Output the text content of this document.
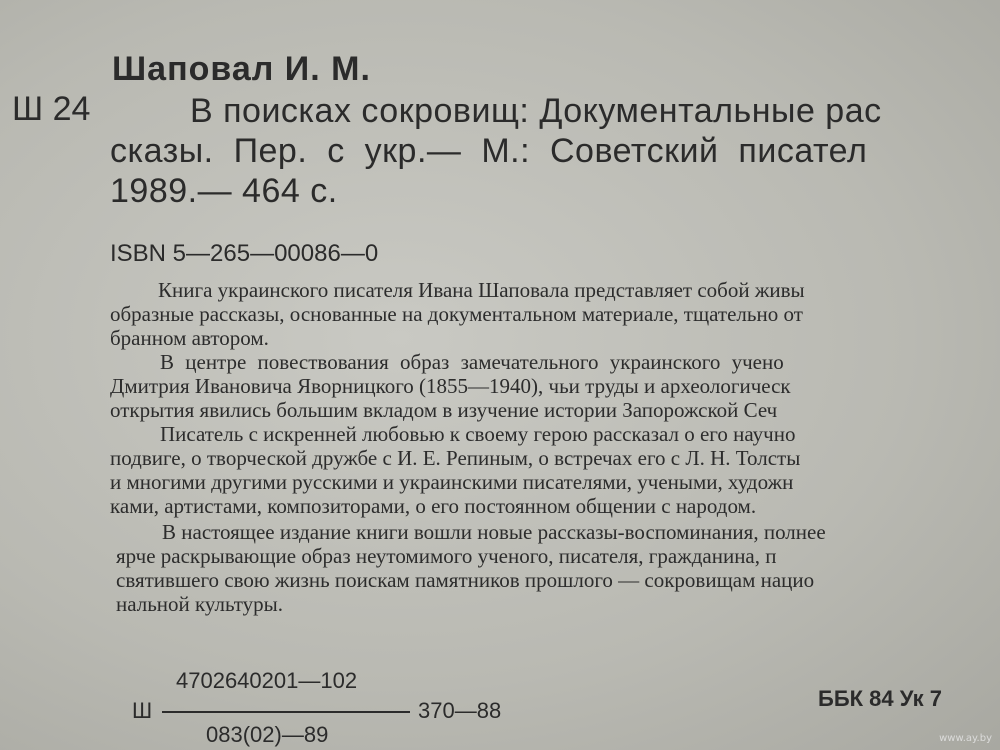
Шаповал И. М.
Ш 24	В поисках сокровищ: Документальные рас
сказы. Пер. с укр.— М.: Советский писател
1989.— 464 с.
ISBN 5—265—00086—0
Книга украинского писателя Ивана Шаповала представляет собой живы
образные рассказы, основанные на документальном материале, тщательно от
бранном автором.
В центре повествования образ замечательного украинского учено
Дмитрия Ивановича Яворницкого (1855—1940), чьи труды и археологическ
открытия явились большим вкладом в изучение истории Запорожской Сеч
Писатель с искренней любовью к своему герою рассказал о его научно
подвиге, о творческой дружбе с И. Е. Репиным, о встречах его с Л. Н. Толсты
и многими другими русскими и украинскими писателями, учеными, художн
ками, артистами, композиторами, о его постоянном общении с народом.
В настоящее издание книги вошли новые рассказы-воспоминания, полнее
ярче раскрывающие образ неутомимого ученого, писателя, гражданина, п
святившего свою жизнь поискам памятников прошлого — сокровищам нацио
нальной культуры.
4702640201—102
Ш	370—88
083(02)—89
ББК 84 Ук 7
www.ay.by
